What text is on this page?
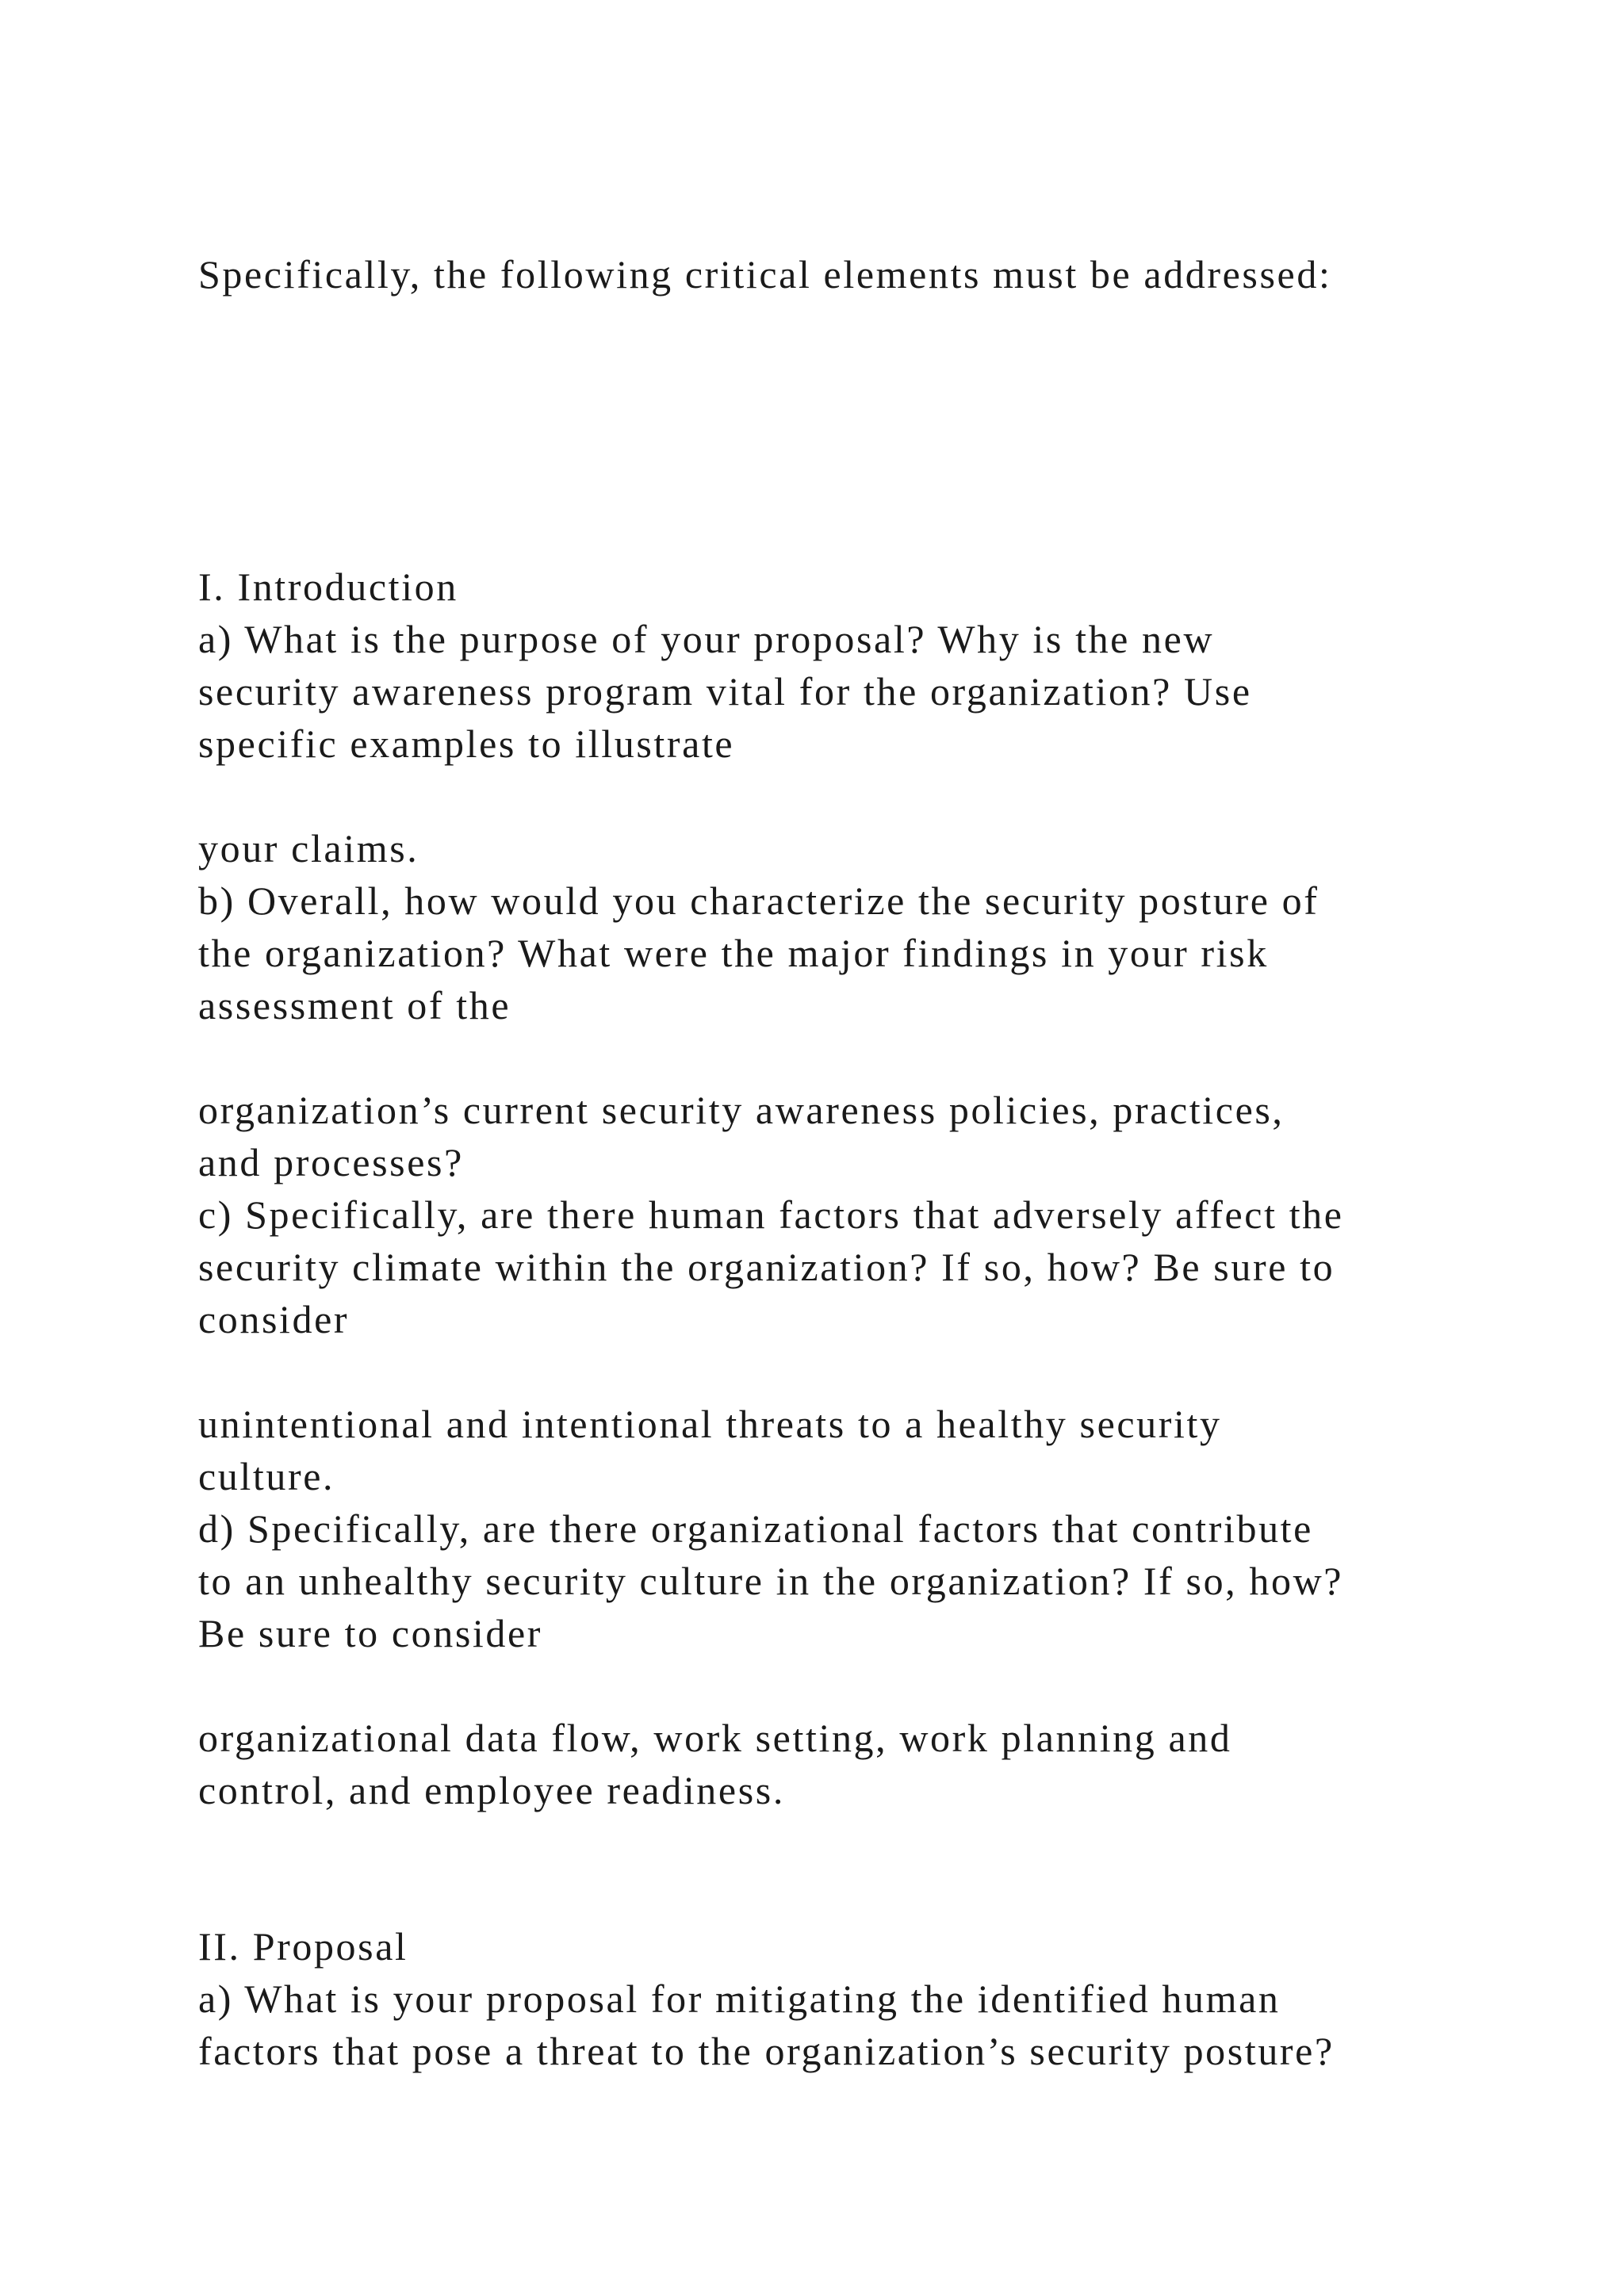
Specifically, the following critical elements must be addressed:

I. Introduction

a) What is the purpose of your proposal? Why is the new

security awareness program vital for the organization? Use

specific examples to illustrate

your claims.

b) Overall, how would you characterize the security posture of

the organization? What were the major findings in your risk

assessment of the

organization’s current security awareness policies, practices,

and processes?

c) Specifically, are there human factors that adversely affect the

security climate within the organization? If so, how? Be sure to

consider

unintentional and intentional threats to a healthy security

culture.

d) Specifically, are there organizational factors that contribute

to an unhealthy security culture in the organization? If so, how?

Be sure to consider

organizational data flow, work setting, work planning and

control, and employee readiness.

II. Proposal

a) What is your proposal for mitigating the identified human

factors that pose a threat to the organization’s security posture?
